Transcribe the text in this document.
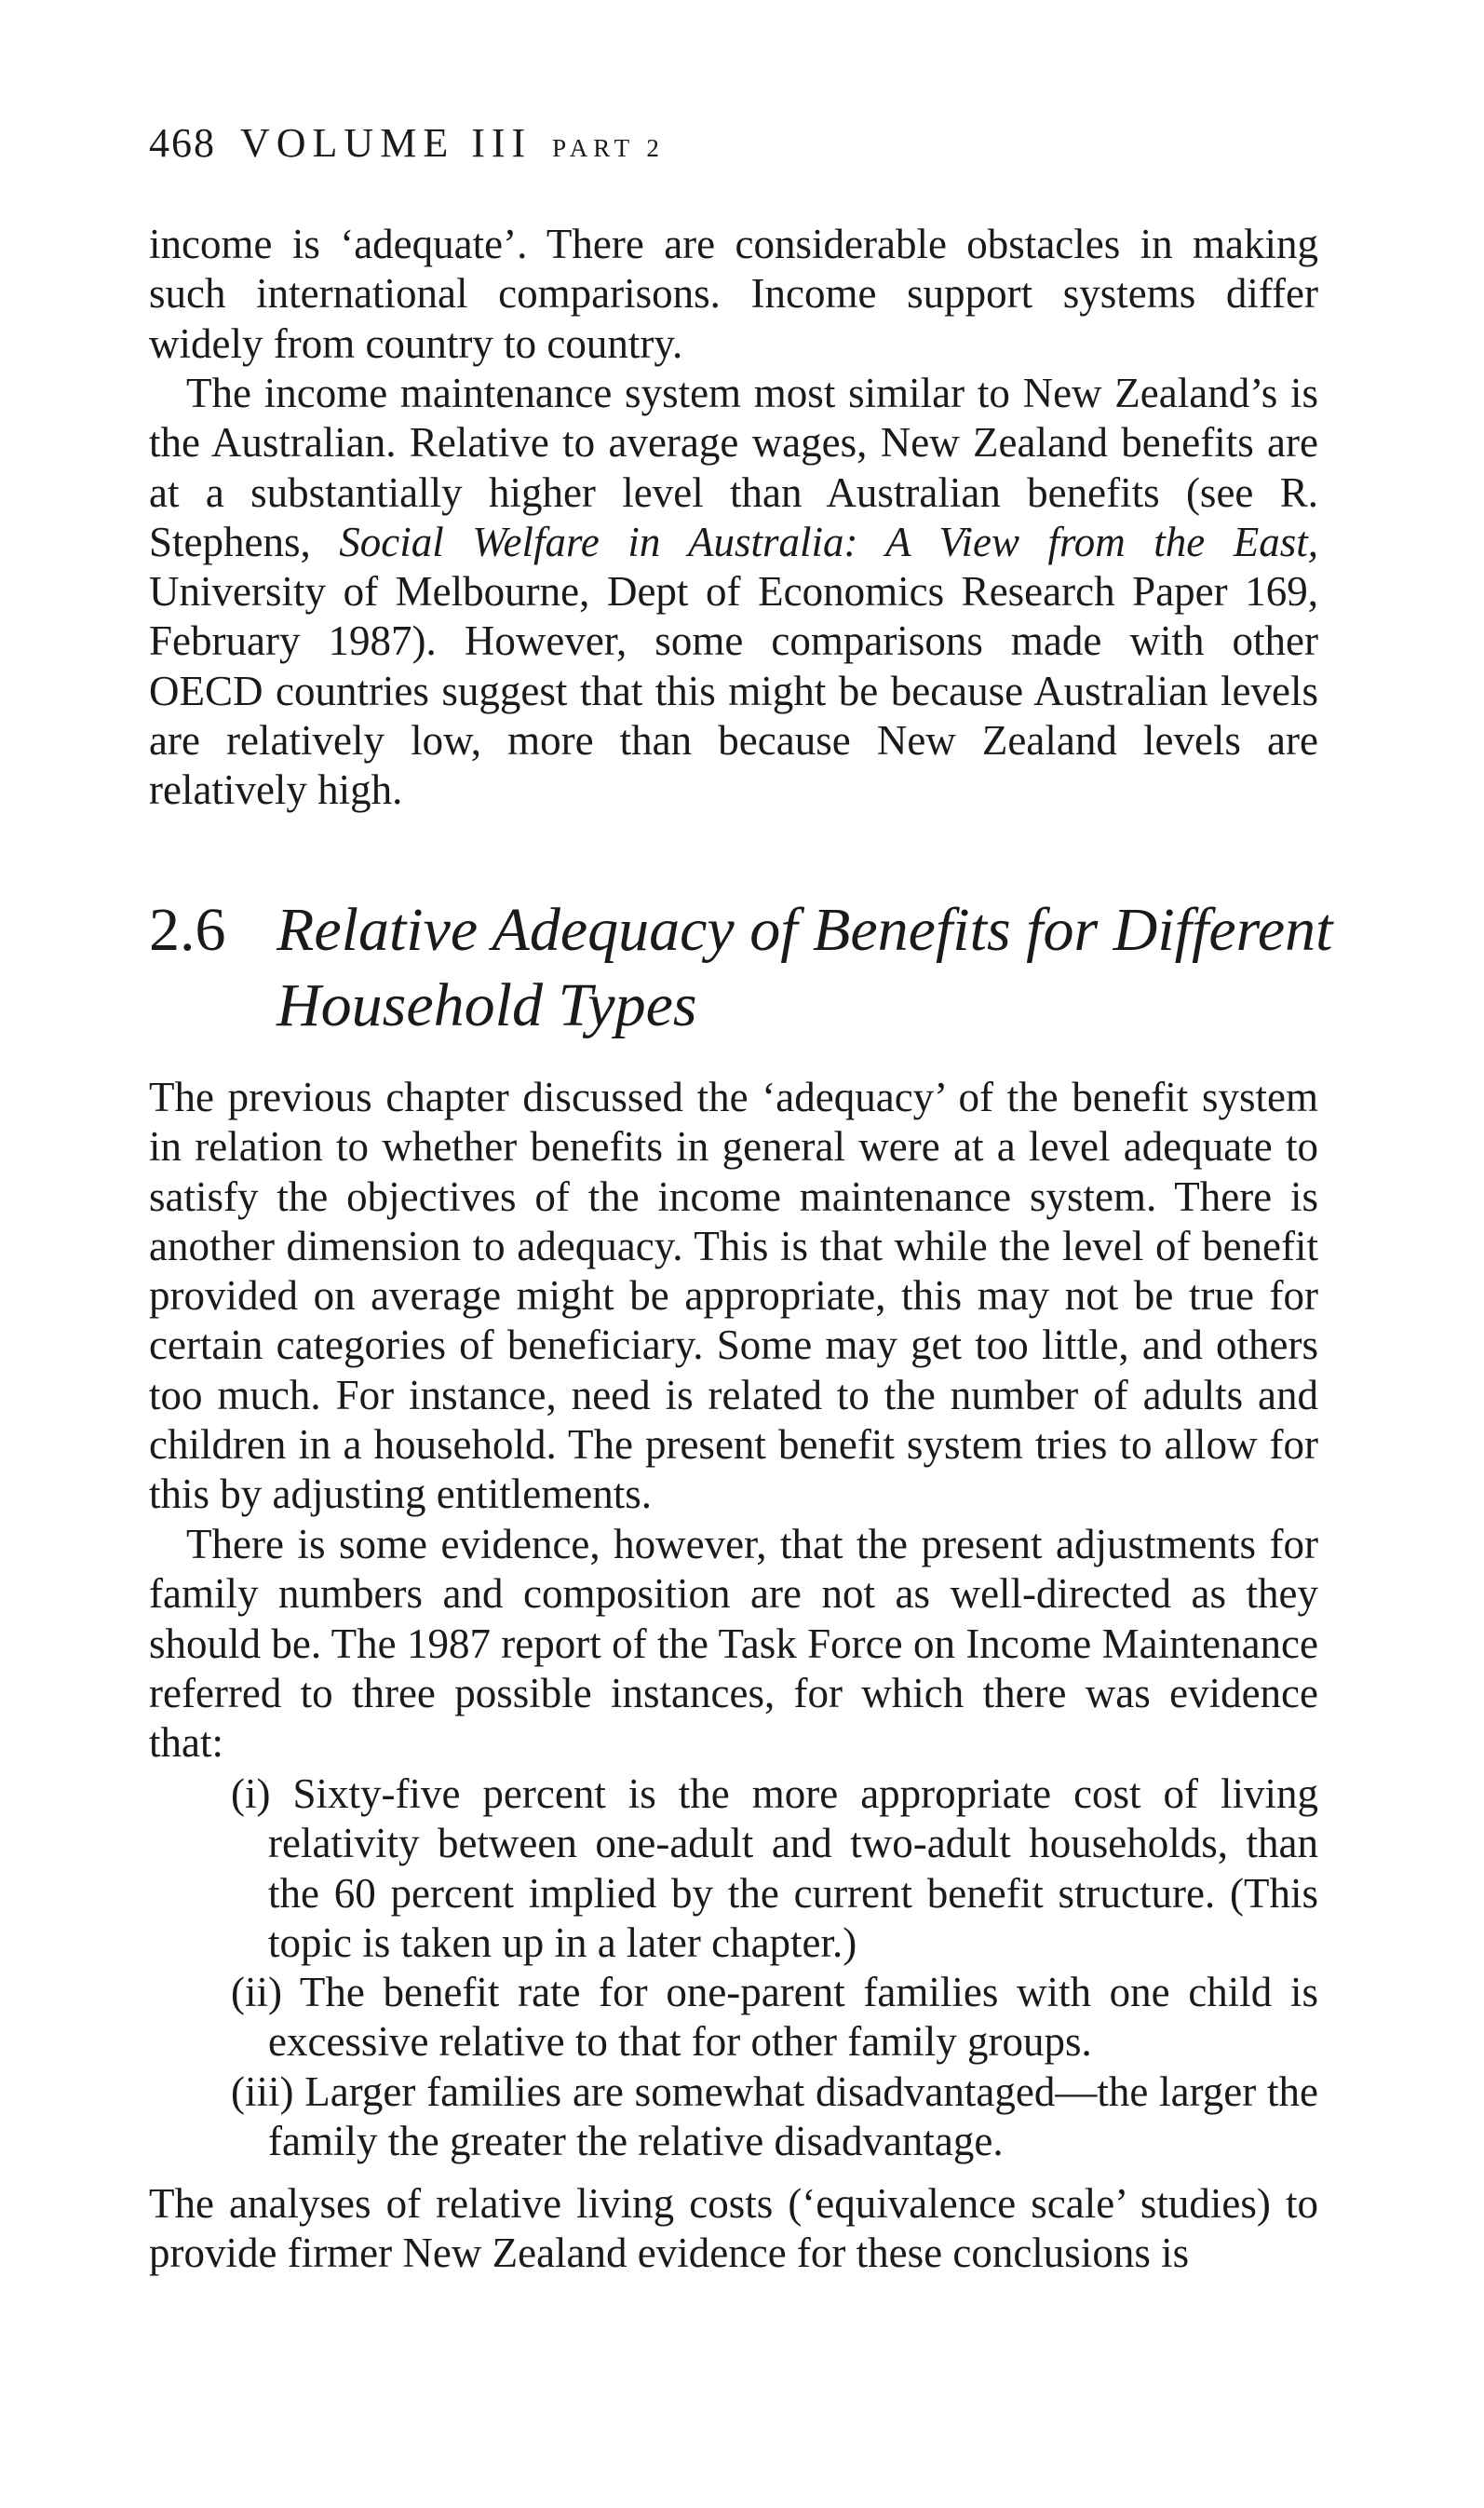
468 VOLUME III PART 2

income is ‘adequate’. There are considerable obstacles in making such international comparisons. Income support systems differ widely from country to country.

The income maintenance system most similar to New Zealand’s is the Australian. Relative to average wages, New Zealand benefits are at a substantially higher level than Australian benefits (see R. Stephens, Social Welfare in Australia: A View from the East, University of Melbourne, Dept of Economics Research Paper 169, February 1987). However, some comparisons made with other OECD countries suggest that this might be because Australian levels are relatively low, more than because New Zealand levels are relatively high.

2.6 Relative Adequacy of Benefits for Different Household Types

The previous chapter discussed the ‘adequacy’ of the benefit system in relation to whether benefits in general were at a level adequate to satisfy the objectives of the income maintenance system. There is another dimension to adequacy. This is that while the level of benefit provided on average might be appropriate, this may not be true for certain categories of beneficiary. Some may get too little, and others too much. For instance, need is related to the number of adults and children in a household. The present benefit system tries to allow for this by adjusting entitlements.

There is some evidence, however, that the present adjustments for family numbers and composition are not as well-directed as they should be. The 1987 report of the Task Force on Income Maintenance referred to three possible instances, for which there was evidence that:

(i) Sixty-five percent is the more appropriate cost of living relativity between one-adult and two-adult households, than the 60 percent implied by the current benefit structure. (This topic is taken up in a later chapter.)
(ii) The benefit rate for one-parent families with one child is excessive relative to that for other family groups.
(iii) Larger families are somewhat disadvantaged—the larger the family the greater the relative disadvantage.

The analyses of relative living costs (‘equivalence scale’ studies) to provide firmer New Zealand evidence for these conclusions is
